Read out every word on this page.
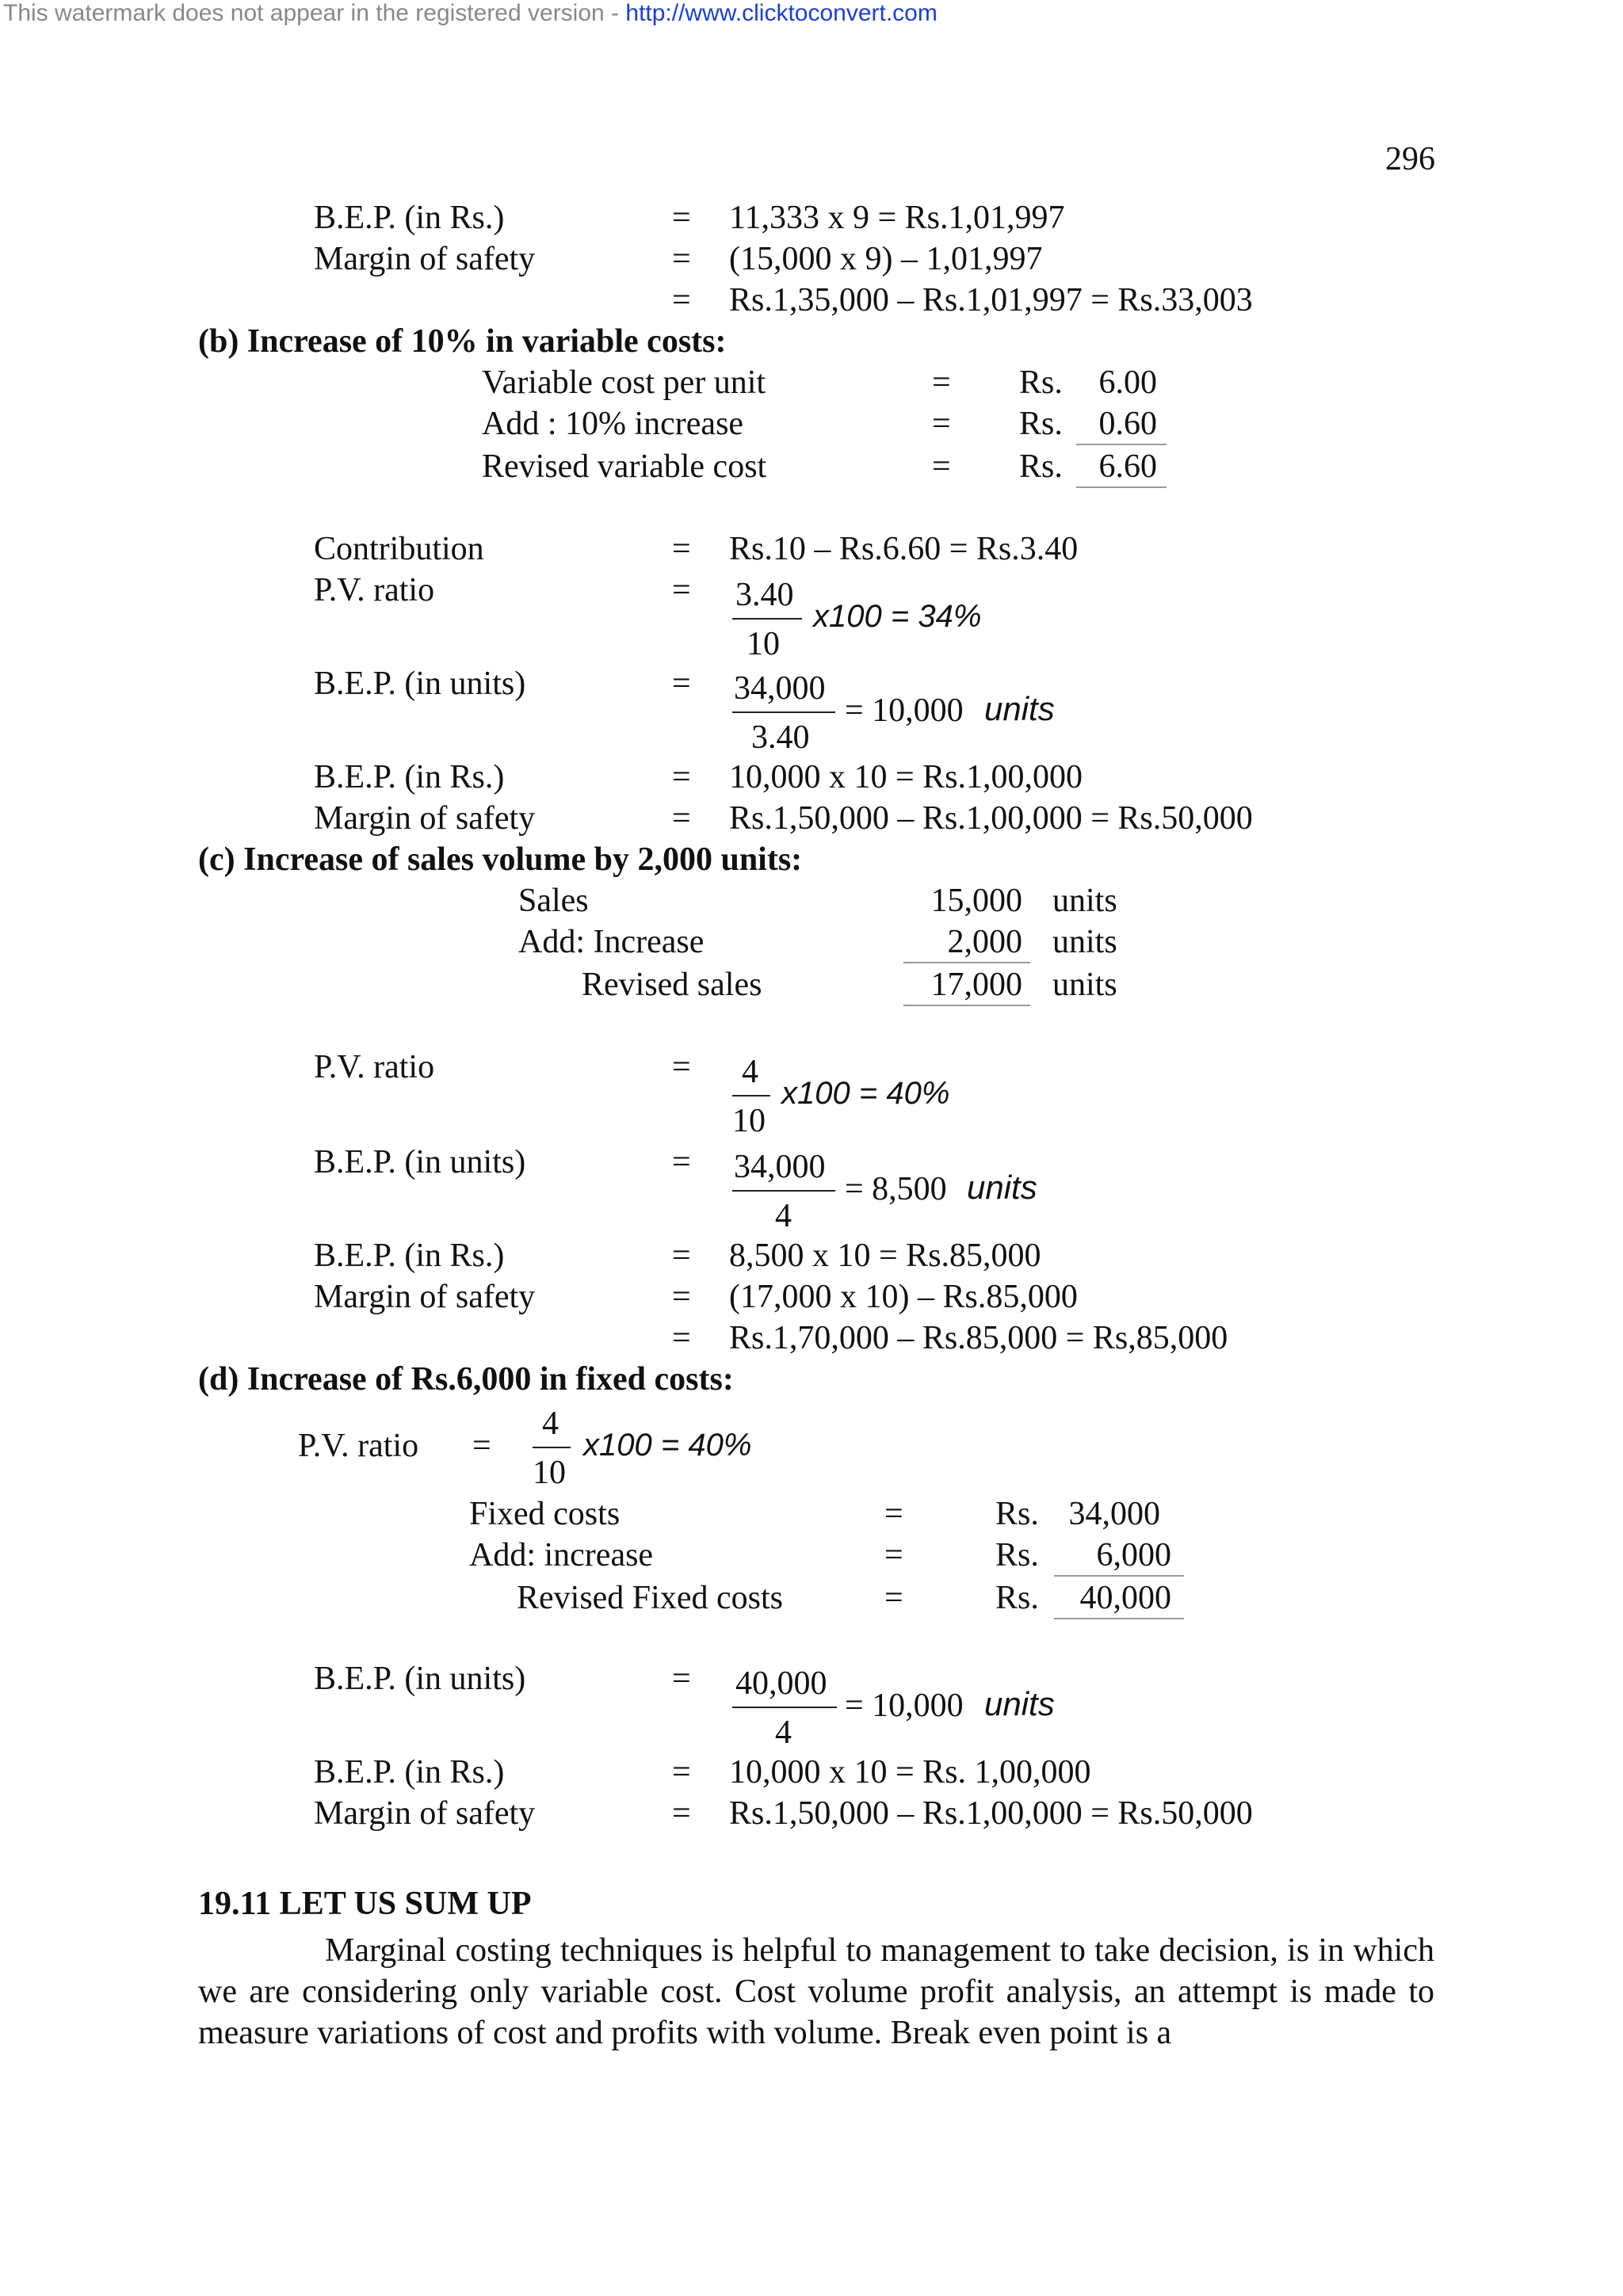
This watermark does not appear in the registered version - http://www.clicktoconvert.com
296
B.E.P. (in Rs.)	= 11,333 x 9 = Rs.1,01,997
Margin of safety	= (15,000 x 9) – 1,01,997
= Rs.1,35,000 – Rs.1,01,997 = Rs.33,003
(b) Increase of 10% in variable costs:
Variable cost per unit	= Rs.	6.00
Add : 10% increase	= Rs.	0.60
Revised variable cost	= Rs.	6.60
Contribution	= Rs.10 – Rs.6.60 = Rs.3.40
P.V. ratio	= 3.40
10
x100 = 34%
B.E.P. (in units)	= 34,000
3.40
= 10,000 units
B.E.P. (in Rs.)	= 10,000 x 10 = Rs.1,00,000
Margin of safety	= Rs.1,50,000 – Rs.1,00,000 = Rs.50,000
(c) Increase of sales volume by 2,000 units:
Sales	15,000 units
Add: Increase	2,000 units
Revised sales	17,000 units
P.V. ratio	= 4
10
x100 = 40%
B.E.P. (in units)	= 34,000
4
= 8,500 units
B.E.P. (in Rs.)	= 8,500 x 10 = Rs.85,000
Margin of safety	= (17,000 x 10) – Rs.85,000
= Rs.1,70,000 – Rs.85,000 = Rs,85,000
(d) Increase of Rs.6,000 in fixed costs:
P.V. ratio =
4
10
x100 = 40%
Fixed costs	=	Rs. 34,000
Add: increase	=	Rs.	6,000
Revised Fixed costs	=	Rs.	40,000
B.E.P. (in units)	= 40,000
4
= 10,000 units
B.E.P. (in Rs.)	= 10,000 x 10 = Rs. 1,00,000
Margin of safety	= Rs.1,50,000 – Rs.1,00,000 = Rs.50,000
19.11 LET US SUM UP
Marginal costing techniques is helpful to management to take decision, is in which we are considering only variable cost. Cost volume profit analysis, an attempt is made to measure variations of cost and profits with volume. Break even point is a
